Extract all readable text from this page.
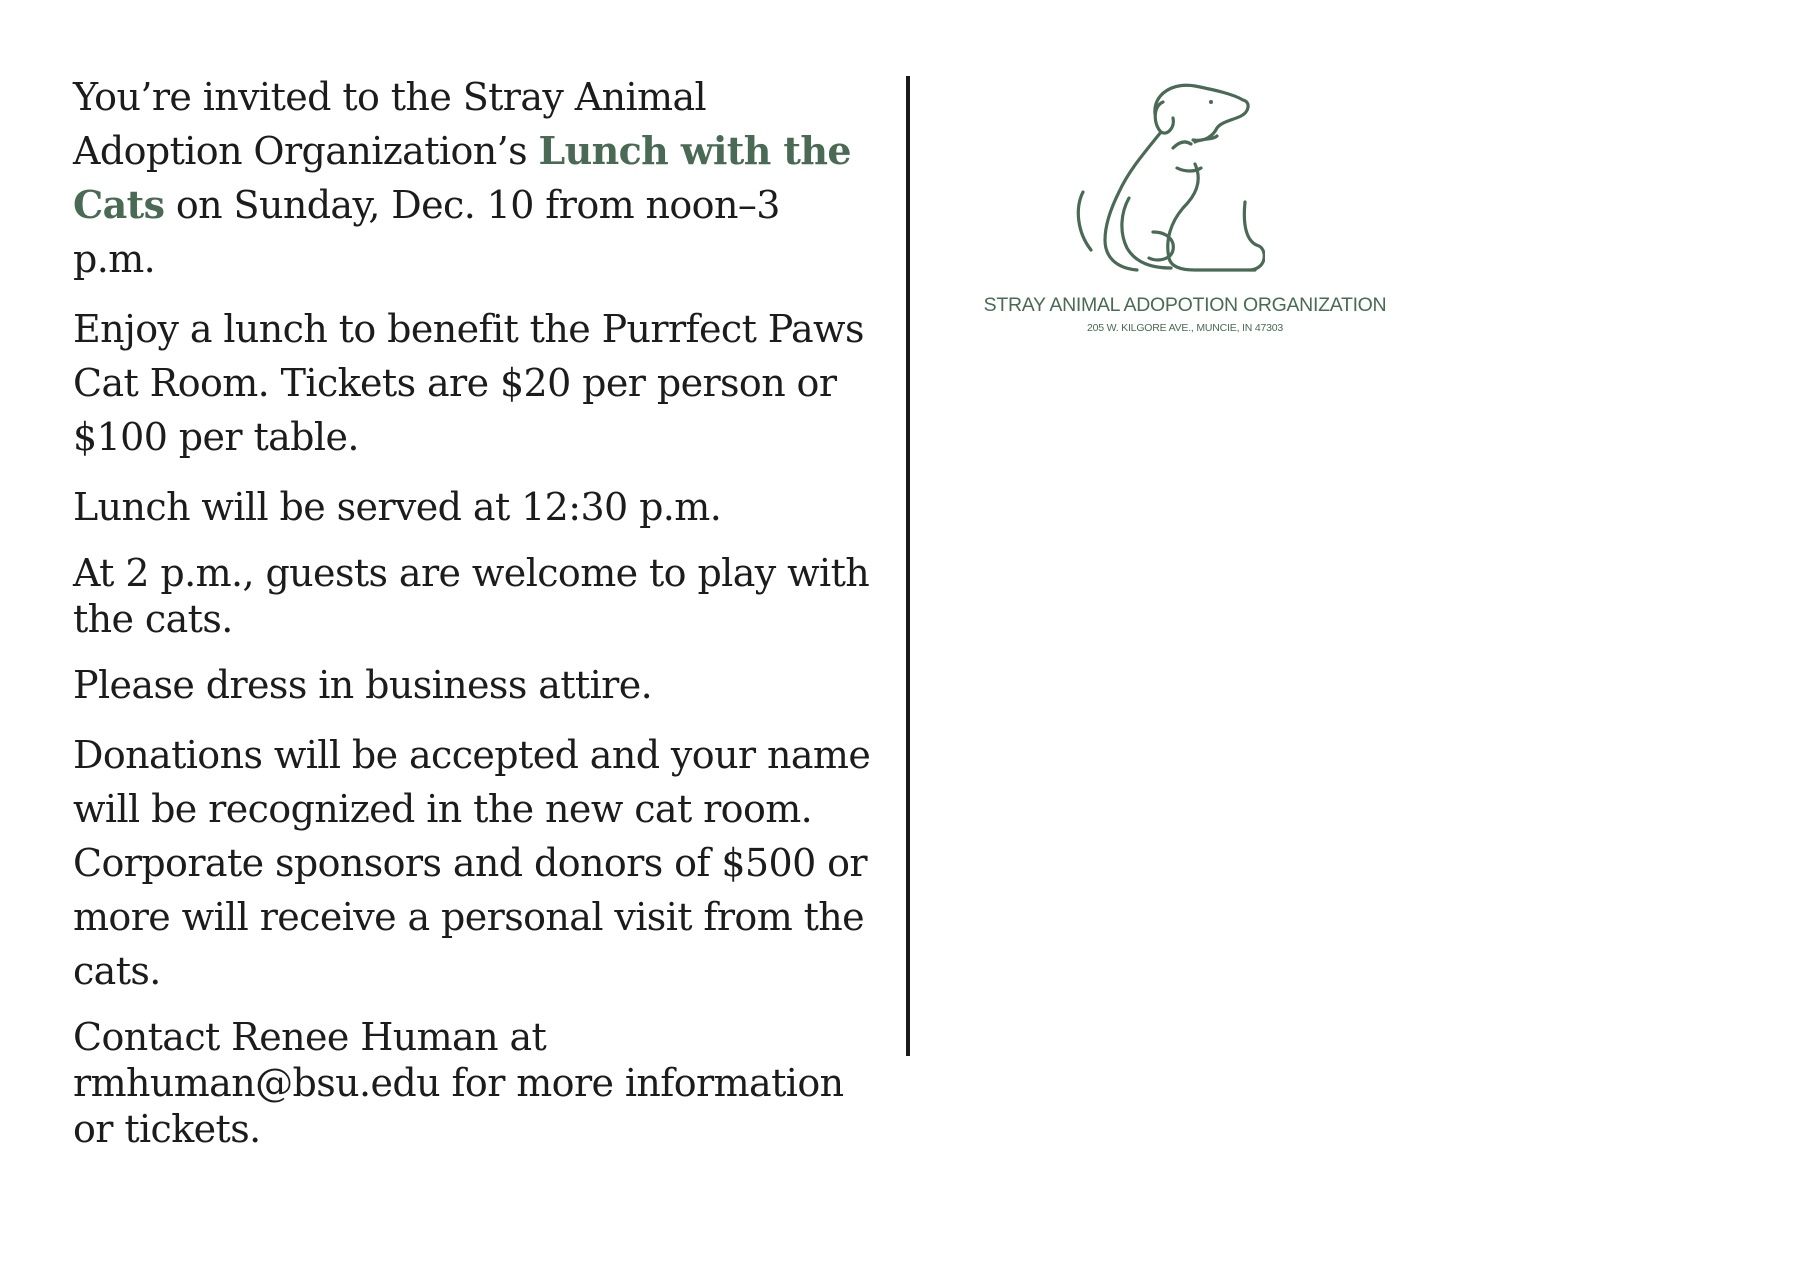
You’re invited to the Stray Animal Adoption Organization’s Lunch with the Cats on Sunday, Dec. 10 from noon–3 p.m.

Enjoy a lunch to benefit the Purrfect Paws Cat Room. Tickets are $20 per person or $100 per table.

Lunch will be served at 12:30 p.m.

At 2 p.m., guests are welcome to play with the cats.

Please dress in business attire.

Donations will be accepted and your name will be recognized in the new cat room. Corporate sponsors and donors of $500 or more will receive a personal visit from the cats.

Contact Renee Human at rmhuman@bsu.edu for more information or tickets.

STRAY ANIMAL ADOPOTION ORGANIZATION
205 W. KILGORE AVE., MUNCIE, IN 47303
